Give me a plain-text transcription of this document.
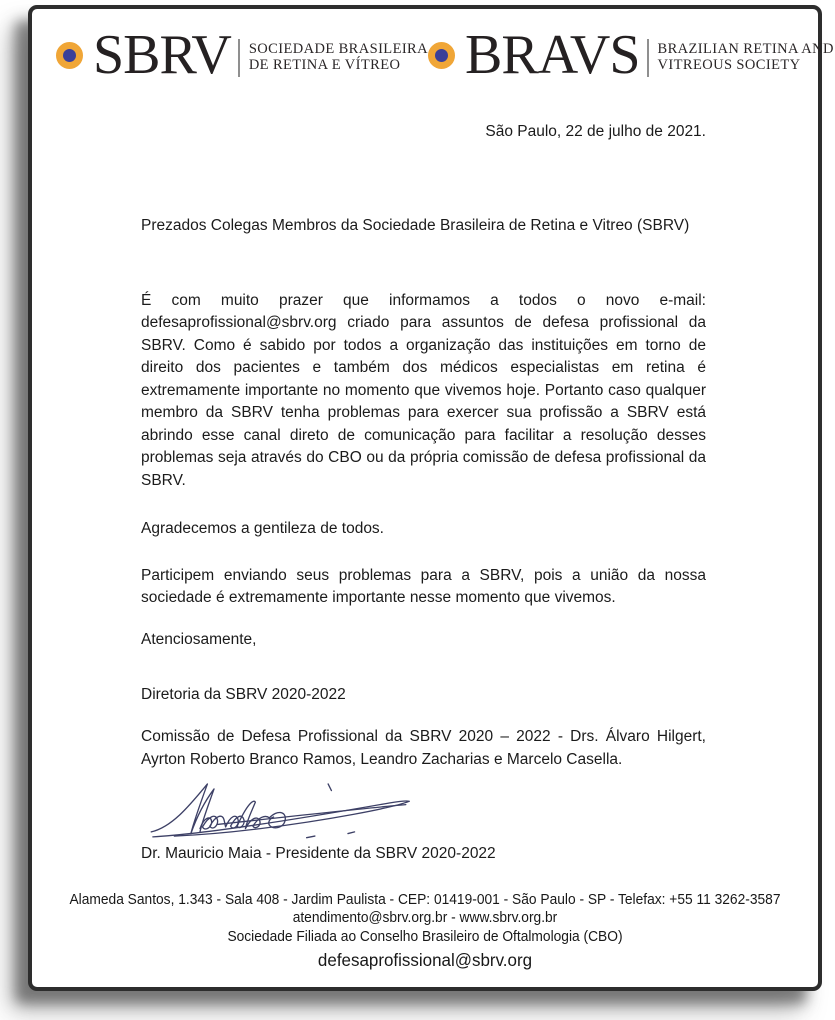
SBRV SOCIEDADE BRASILEIRA
DE RETINA E VÍTREO	BRAVS BRAZILIAN RETINA AND
VITREOUS SOCIETY
São Paulo, 22 de julho de 2021.
Prezados Colegas Membros da Sociedade Brasileira de Retina e Vitreo (SBRV)
É com muito prazer que informamos a todos o novo e-mail: defesaprofissional@sbrv.org criado para assuntos de defesa profissional da SBRV. Como é sabido por todos a organização das instituições em torno de direito dos pacientes e também dos médicos especialistas em retina é extremamente importante no momento que vivemos hoje. Portanto caso qualquer membro da SBRV tenha problemas para exercer sua profissão a SBRV está abrindo esse canal direto de comunicação para facilitar a resolução desses problemas seja através do CBO ou da própria comissão de defesa profissional da SBRV.
Agradecemos a gentileza de todos.
Participem enviando seus problemas para a SBRV, pois a união da nossa sociedade é extremamente importante nesse momento que vivemos.
Atenciosamente,
Diretoria da SBRV 2020-2022
Comissão de Defesa Profissional da SBRV 2020 – 2022 - Drs. Álvaro Hilgert, Ayrton Roberto Branco Ramos, Leandro Zacharias e Marcelo Casella.
Dr. Mauricio Maia - Presidente da SBRV 2020-2022
Alameda Santos, 1.343 - Sala 408 - Jardim Paulista - CEP: 01419-001 - São Paulo - SP - Telefax: +55 11 3262-3587
atendimento@sbrv.org.br - www.sbrv.org.br
Sociedade Filiada ao Conselho Brasileiro de Oftalmologia (CBO)
defesaprofissional@sbrv.org
